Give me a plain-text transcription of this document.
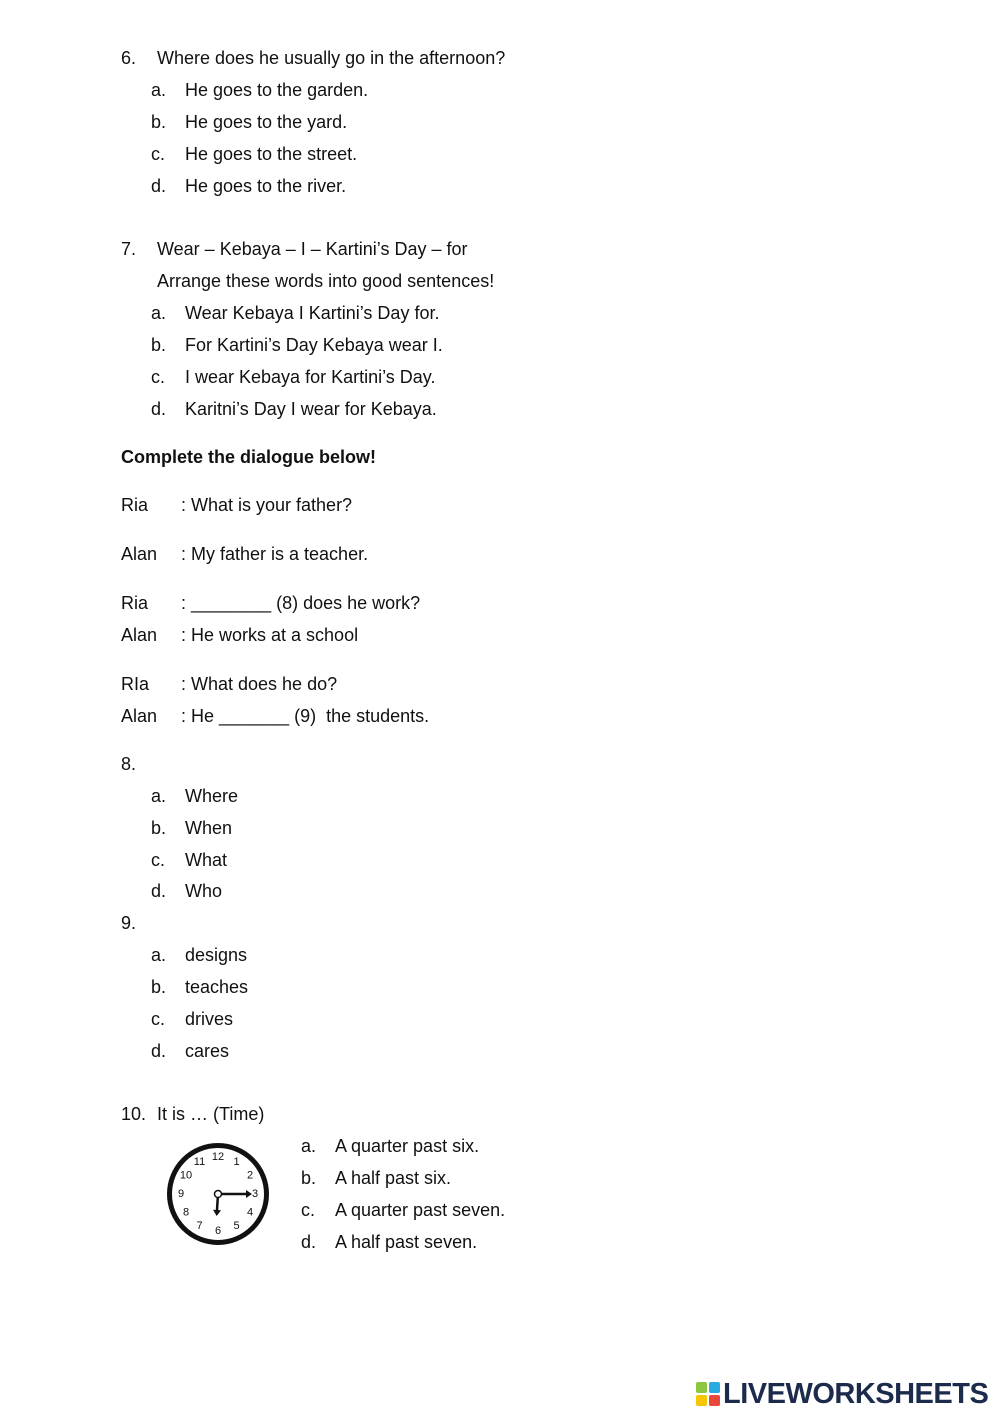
6. Where does he usually go in the afternoon?
a. He goes to the garden.
b. He goes to the yard.
c. He goes to the street.
d. He goes to the river.
7. Wear – Kebaya – I – Kartini’s Day – for
Arrange these words into good sentences!
a. Wear Kebaya I Kartini’s Day for.
b. For Kartini’s Day Kebaya wear I.
c. I wear Kebaya for Kartini’s Day.
d. Karitni’s Day I wear for Kebaya.
Complete the dialogue below!
Ria : What is your father?
Alan : My father is a teacher.
Ria : ________ (8) does he work?
Alan : He works at a school
RIa : What does he do?
Alan : He _______ (9)  the students.
8.
a. Where
b. When
c. What
d. Who
9.
a. designs
b. teaches
c. drives
d. cares
10. It is … (Time)
12 1
2
3
4
5
6
7
8
9
10
11
a. A quarter past six.
b. A half past six.
c. A quarter past seven.
d. A half past seven.
LIVEWORKSHEETS
